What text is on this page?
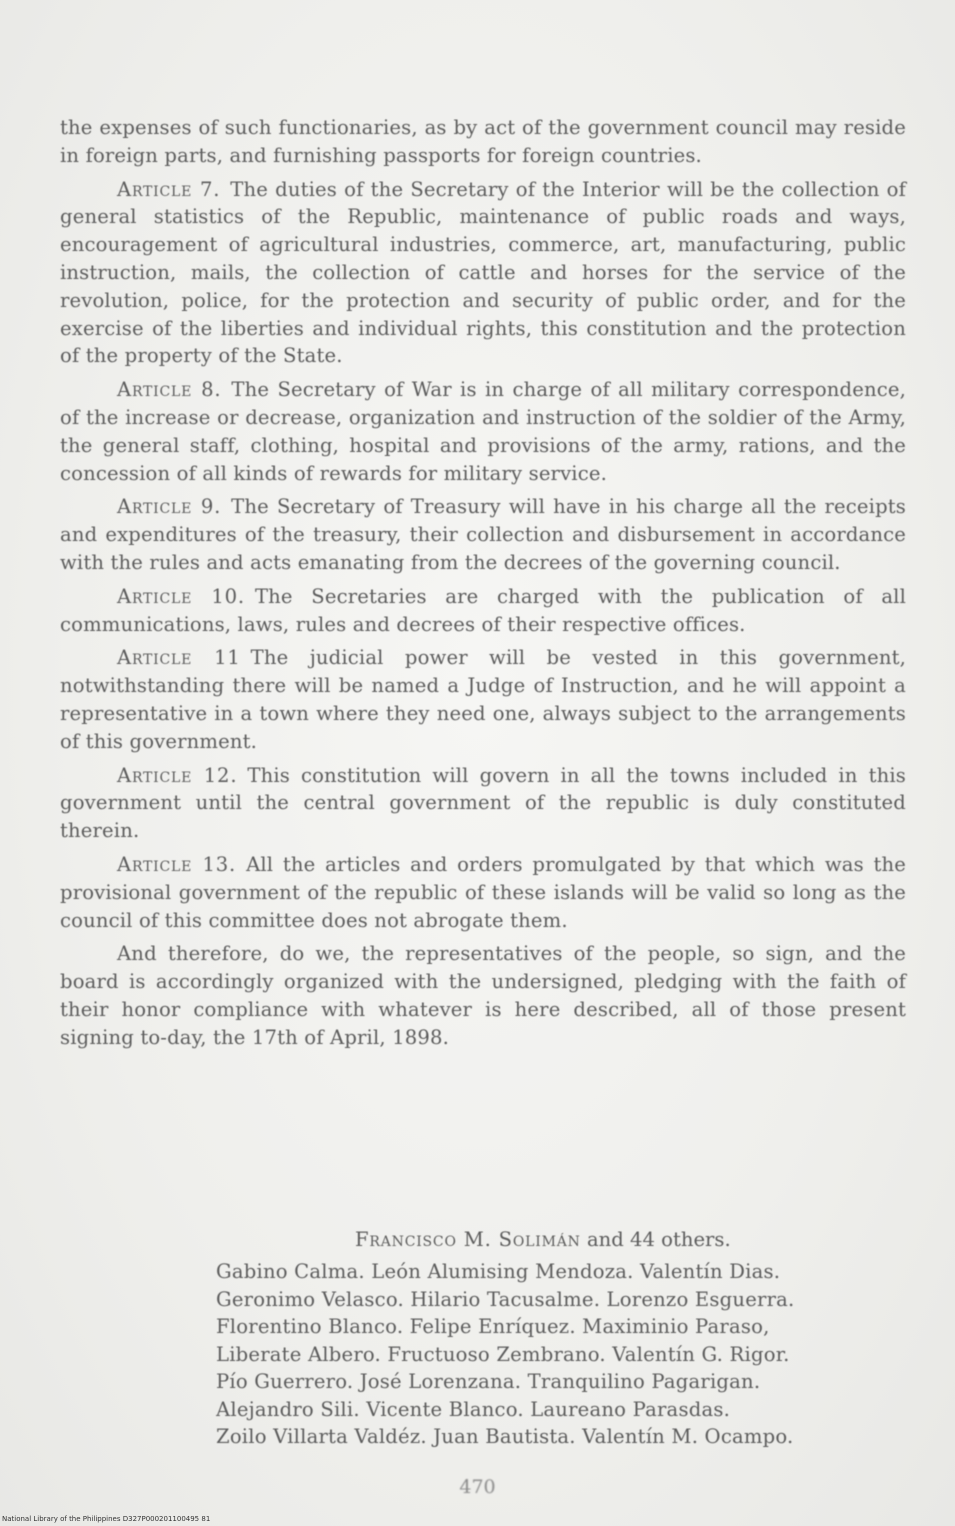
the expenses of such functionaries, as by act of the government council may reside in foreign parts, and furnishing passports for foreign countries.

Article 7. The duties of the Secretary of the Interior will be the collection of general statistics of the Republic, maintenance of public roads and ways, encouragement of agricultural industries, commerce, art, manufacturing, public instruction, mails, the collection of cattle and horses for the service of the revolution, police, for the protection and security of public order, and for the exercise of the liberties and individual rights, this constitution and the protection of the property of the State.

Article 8. The Secretary of War is in charge of all military correspondence, of the increase or decrease, organization and instruction of the soldier of the Army, the general staff, clothing, hospital and provisions of the army, rations, and the concession of all kinds of rewards for military service.

Article 9. The Secretary of Treasury will have in his charge all the receipts and expenditures of the treasury, their collection and disbursement in accordance with the rules and acts emanating from the decrees of the governing council.

Article 10. The Secretaries are charged with the publication of all communications, laws, rules and decrees of their respective offices.

Article 11 The judicial power will be vested in this government, notwithstanding there will be named a Judge of Instruction, and he will appoint a representative in a town where they need one, always subject to the arrangements of this government.

Article 12. This constitution will govern in all the towns included in this government until the central government of the republic is duly constituted therein.

Article 13. All the articles and orders promulgated by that which was the provisional government of the republic of these islands will be valid so long as the council of this committee does not abrogate them.

And therefore, do we, the representatives of the people, so sign, and the board is accordingly organized with the undersigned, pledging with the faith of their honor compliance with whatever is here described, all of those present signing to-day, the 17th of April, 1898.

Francisco M. Solimán and 44 others.
Gabino Calma. León Alumising Mendoza. Valentín Dias.
Geronimo Velasco. Hilario Tacusalme. Lorenzo Esguerra.
Florentino Blanco. Felipe Enríquez. Maximinio Paraso,
Liberate Albero. Fructuoso Zembrano. Valentín G. Rigor.
Pío Guerrero. José Lorenzana. Tranquilino Pagarigan.
Alejandro Sili. Vicente Blanco. Laureano Parasdas.
Zoilo Villarta Valdéz. Juan Bautista. Valentín M. Ocampo.
470
National Library of the Philippines D327P000201100495 81
